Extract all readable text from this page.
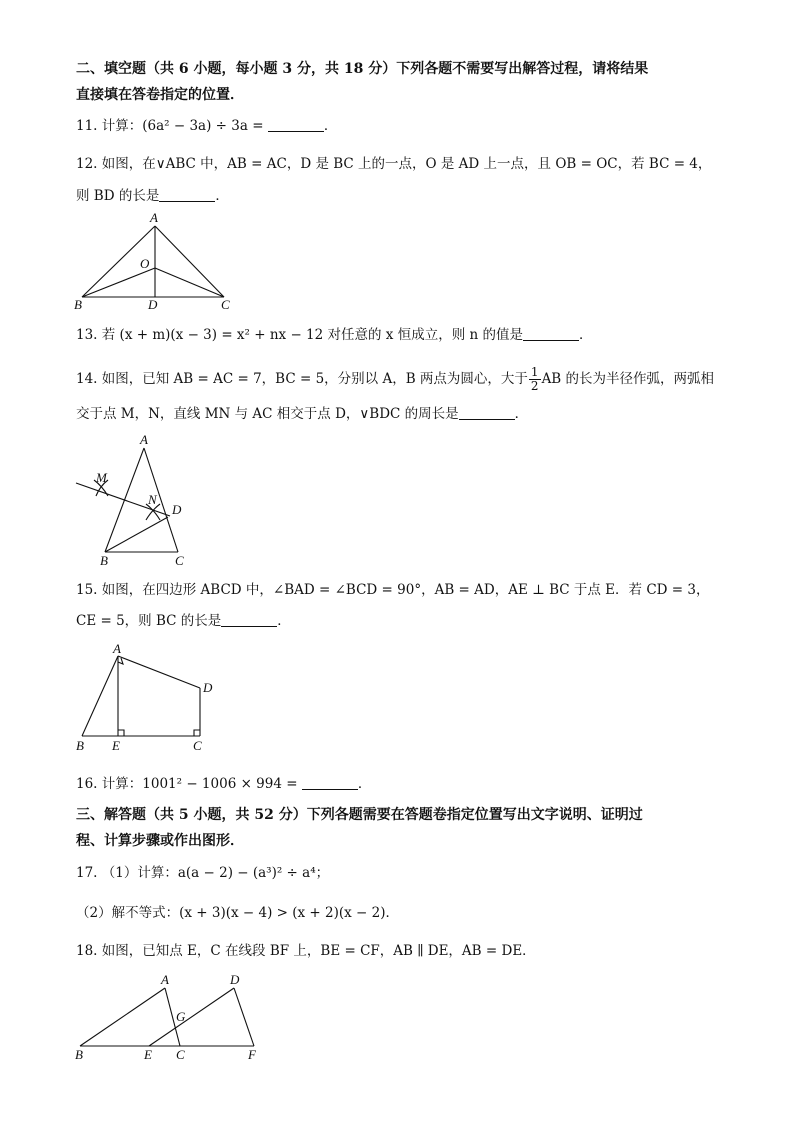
二、填空题（共 6 小题，每小题 3 分，共 18 分）下列各题不需要写出解答过程，请将结果
直接填在答卷指定的位置．
11. 计算：(6a² − 3a) ÷ 3a =	．
12. 如图，在∨ABC 中，AB = AC，D 是 BC 上的一点，O 是 AD 上一点，且 OB = OC，若 BC = 4，
则 BD 的长是	．
A
O
B	D	C
13. 若 (x + m)(x − 3) = x² + nx − 12 对任意的 x 恒成立，则 n 的值是	．
14. 如图，已知 AB = AC = 7，BC = 5，分别以 A，B 两点为圆心，大于 $\frac{1}{2}$ AB 的长为半径作弧，两弧相
交于点 M，N，直线 MN 与 AC 相交于点 D，∨BDC 的周长是	．
A
M
N
D
B	C
15. 如图，在四边形 ABCD 中，∠BAD = ∠BCD = 90°，AB = AD，AE ⊥ BC 于点 E．若 CD = 3，
CE = 5，则 BC 的长是	．
A
D
B E	C
16. 计算：1001² − 1006 × 994 =	．
三、解答题（共 5 小题，共 52 分）下列各题需要在答题卷指定位置写出文字说明、证明过
程、计算步骤或作出图形．
17. （1）计算：a(a − 2) − (a³)² ÷ a⁴；
（2）解不等式：(x + 3)(x − 4) > (x + 2)(x − 2)．
18. 如图，已知点 E，C 在线段 BF 上，BE = CF，AB ∥ DE，AB = DE．
A	D
G
B	E C	F
